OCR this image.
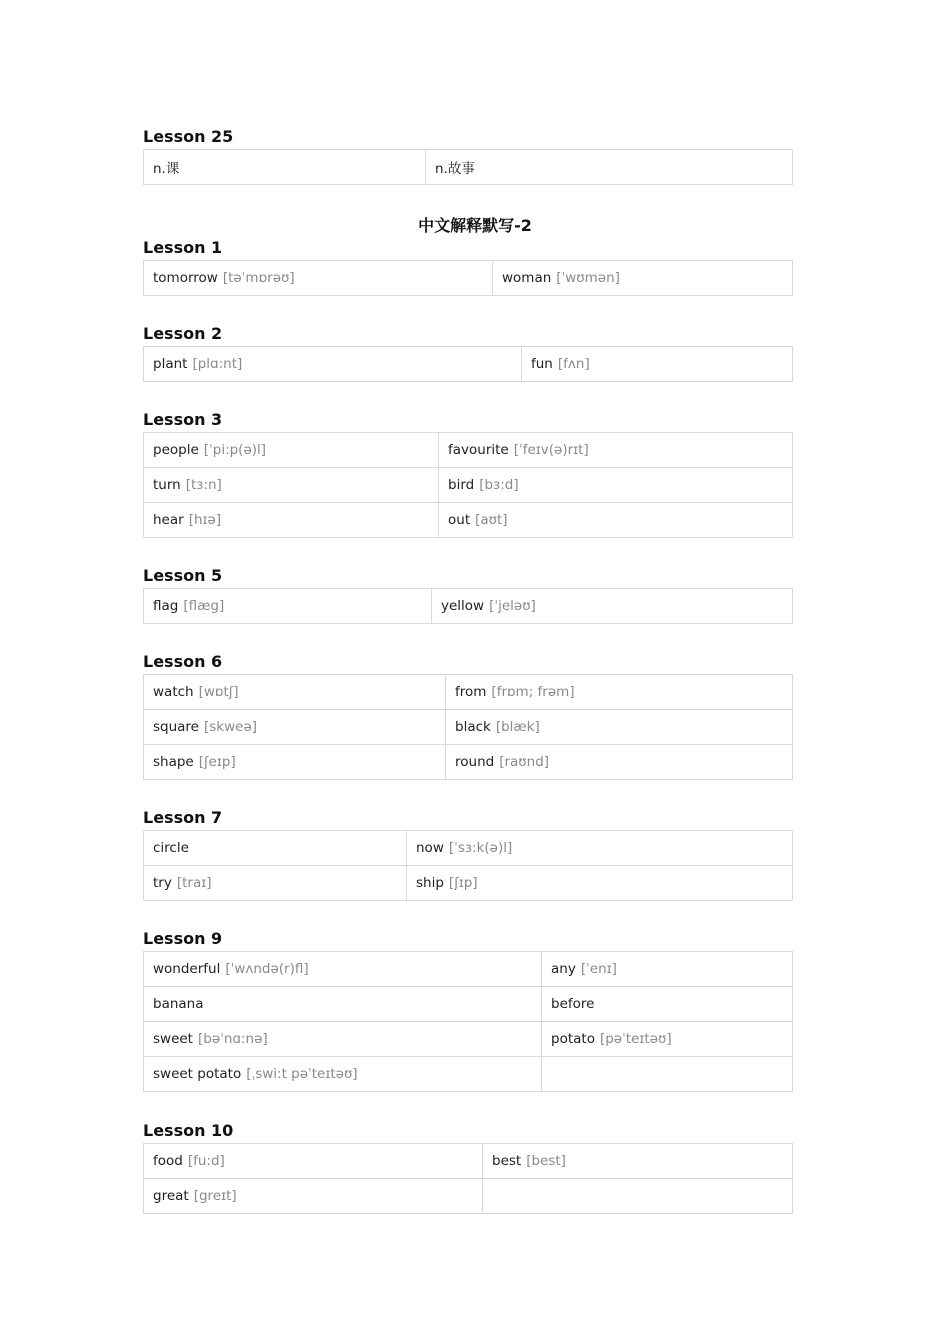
中文解释默写-2
Lesson 25
n.课	n.故事
Lesson 1
tomorrow [təˈmɒrəʊ]	woman [ˈwʊmən]
Lesson 2
plant [plɑ:nt]	fun [fʌn]
Lesson 3
people [ˈpi:p(ə)l]	favourite [ˈfeɪv(ə)rɪt]
turn [tɜ:n]	bird [bɜ:d]
hear [hɪə]	out [aʊt]
Lesson 5
flag [flæg]	yellow [ˈjeləʊ]
Lesson 6
watch [wɒtʃ]	from [frɒm; frəm]
square [skweə]	black [blæk]
shape [ʃeɪp]	round [raʊnd]
Lesson 7
circle	now [ˈsɜ:k(ə)l]
try [traɪ]	ship [ʃɪp]
Lesson 9
wonderful [ˈwʌndə(r)fl]	any [ˈenɪ]
banana	before
sweet [bəˈnɑ:nə]	potato [pəˈteɪtəʊ]
sweet potato [ˌswi:t pəˈteɪtəʊ]	
Lesson 10
food [fu:d]	best [best]
great [greɪt]	
